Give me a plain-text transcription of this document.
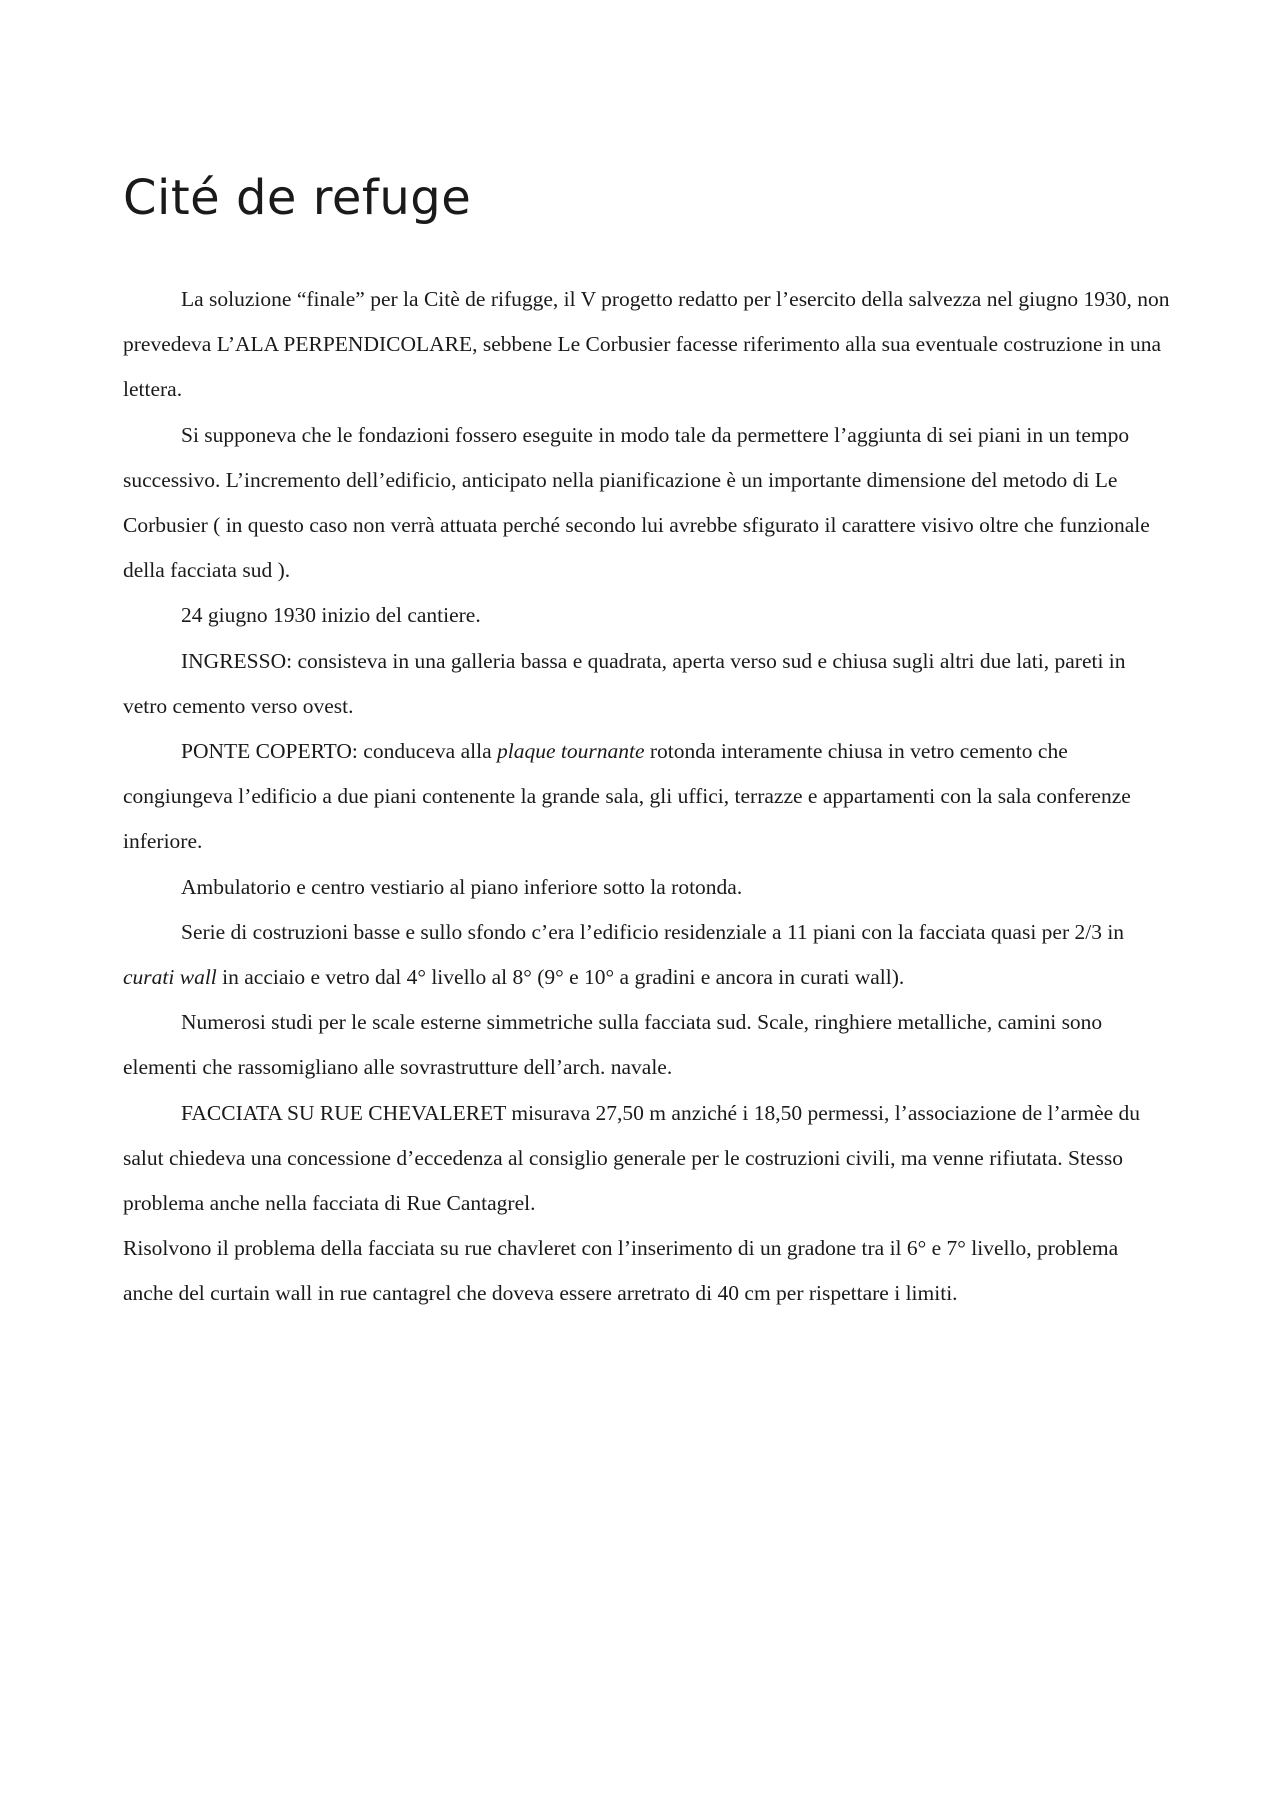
Cité de refuge

La soluzione “finale” per la Citè de rifugge, il V progetto redatto per l’esercito della salvezza nel giugno 1930, non prevedeva L’ALA PERPENDICOLARE, sebbene Le Corbusier facesse riferimento alla sua eventuale costruzione in una lettera.

Si supponeva che le fondazioni fossero eseguite in modo tale da permettere l’aggiunta di sei piani in un tempo successivo. L’incremento dell’edificio, anticipato nella pianificazione è un importante dimensione del metodo di Le Corbusier ( in questo caso non verrà attuata perché secondo lui avrebbe sfigurato il carattere visivo oltre che funzionale della facciata sud ).

24 giugno 1930 inizio del cantiere.

INGRESSO: consisteva in una galleria bassa e quadrata, aperta verso sud e chiusa sugli altri due lati, pareti in vetro cemento verso ovest.

PONTE COPERTO: conduceva alla plaque tournante rotonda interamente chiusa in vetro cemento che congiungeva l’edificio a due piani contenente la grande sala, gli uffici, terrazze e appartamenti con la sala conferenze inferiore.

Ambulatorio e centro vestiario al piano inferiore sotto la rotonda.

Serie di costruzioni basse e sullo sfondo c’era l’edificio residenziale a 11 piani con la facciata quasi per 2/3 in curati wall in acciaio e vetro dal 4° livello al 8° (9° e 10° a gradini e ancora in curati wall).

Numerosi studi per le scale esterne simmetriche sulla facciata sud. Scale, ringhiere metalliche, camini sono elementi che rassomigliano alle sovrastrutture dell’arch. navale.

FACCIATA SU RUE CHEVALERET misurava 27,50 m anziché i 18,50 permessi, l’associazione de l’armèe du salut chiedeva una concessione d’eccedenza al consiglio generale per le costruzioni civili, ma venne rifiutata. Stesso problema anche nella facciata di Rue Cantagrel.

Risolvono il problema della facciata su rue chavleret con l’inserimento di un gradone tra il 6° e 7° livello, problema anche del curtain wall in rue cantagrel che doveva essere arretrato di 40 cm per rispettare i limiti.
